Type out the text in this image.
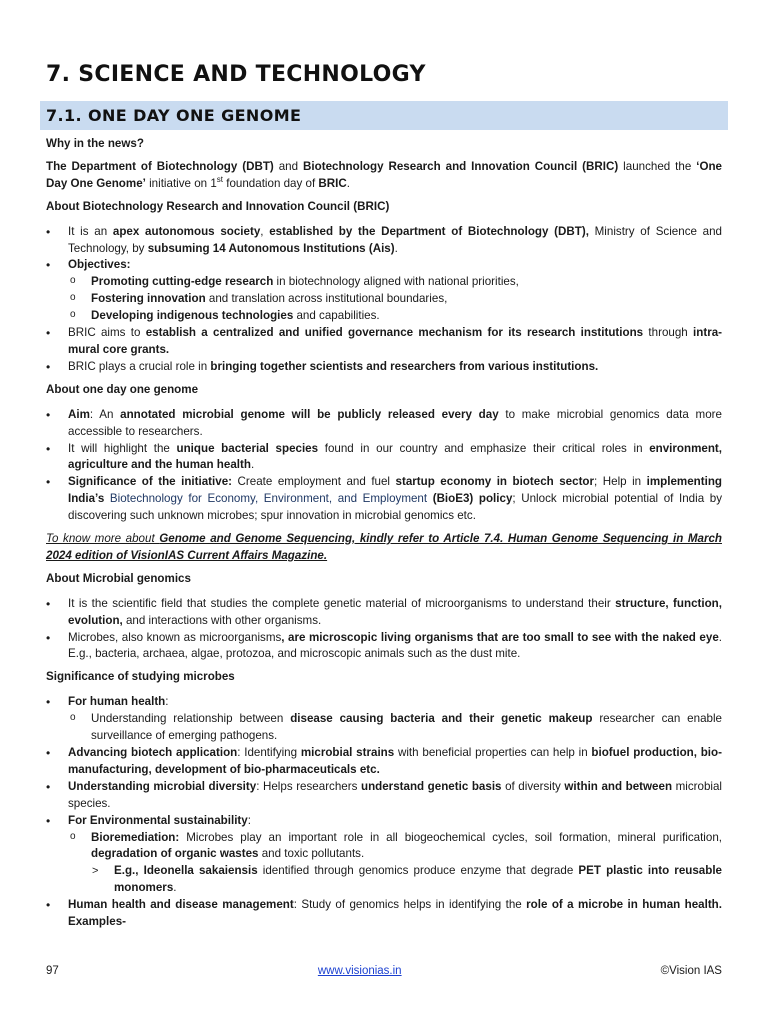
7. SCIENCE AND TECHNOLOGY
7.1. ONE DAY ONE GENOME
Why in the news?

The Department of Biotechnology (DBT) and Biotechnology Research and Innovation Council (BRIC) launched the ‘One Day One Genome’ initiative on 1st foundation day of BRIC.

About Biotechnology Research and Innovation Council (BRIC)
• It is an apex autonomous society, established by the Department of Biotechnology (DBT), Ministry of Science and Technology, by subsuming 14 Autonomous Institutions (Ais).
• Objectives:
o Promoting cutting-edge research in biotechnology aligned with national priorities,
o Fostering innovation and translation across institutional boundaries,
o Developing indigenous technologies and capabilities.
• BRIC aims to establish a centralized and unified governance mechanism for its research institutions through intra-mural core grants.
• BRIC plays a crucial role in bringing together scientists and researchers from various institutions.
About one day one genome
• Aim: An annotated microbial genome will be publicly released every day to make microbial genomics data more accessible to researchers.
• It will highlight the unique bacterial species found in our country and emphasize their critical roles in environment, agriculture and the human health.
• Significance of the initiative: Create employment and fuel startup economy in biotech sector; Help in implementing India’s Biotechnology for Economy, Environment, and Employment (BioE3) policy; Unlock microbial potential of India by discovering such unknown microbes; spur innovation in microbial genomics etc.

To know more about Genome and Genome Sequencing, kindly refer to Article 7.4. Human Genome Sequencing in March 2024 edition of VisionIAS Current Affairs Magazine.

About Microbial genomics
• It is the scientific field that studies the complete genetic material of microorganisms to understand their structure, function, evolution, and interactions with other organisms.
• Microbes, also known as microorganisms, are microscopic living organisms that are too small to see with the naked eye. E.g., bacteria, archaea, algae, protozoa, and microscopic animals such as the dust mite.
Significance of studying microbes
• For human health:
o Understanding relationship between disease causing bacteria and their genetic makeup researcher can enable surveillance of emerging pathogens.
• Advancing biotech application: Identifying microbial strains with beneficial properties can help in biofuel production, bio-manufacturing, development of bio-pharmaceuticals etc.
• Understanding microbial diversity: Helps researchers understand genetic basis of diversity within and between microbial species.
• For Environmental sustainability:
o Bioremediation: Microbes play an important role in all biogeochemical cycles, soil formation, mineral purification, degradation of organic wastes and toxic pollutants.
> E.g., Ideonella sakaiensis identified through genomics produce enzyme that degrade PET plastic into reusable monomers.
• Human health and disease management: Study of genomics helps in identifying the role of a microbe in human health. Examples-
97	www.visionias.in	©Vision IAS
